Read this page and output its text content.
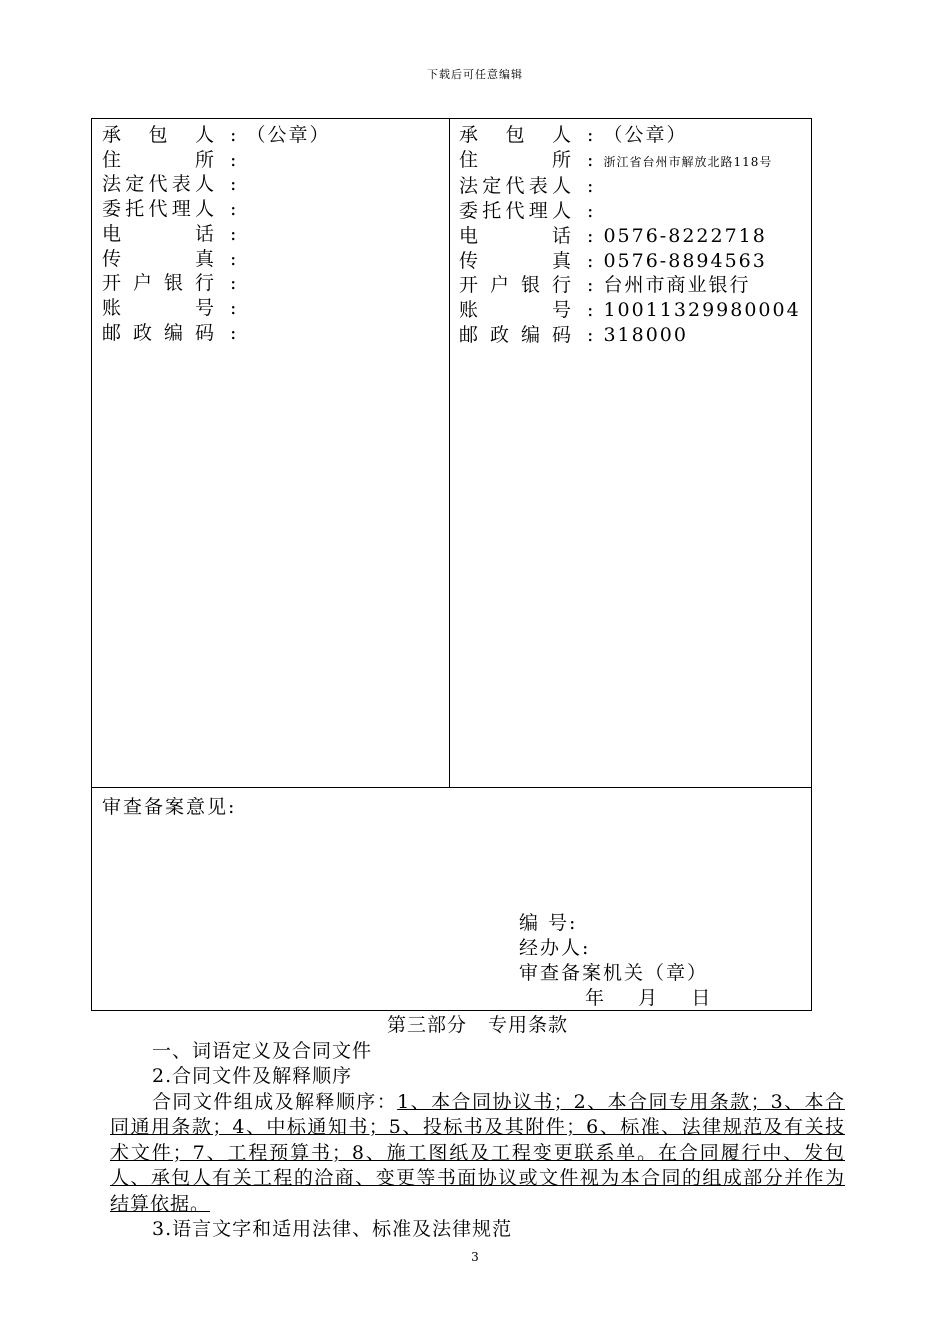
下载后可任意编辑
承 包 人 : （公章）
住 所 :
法定代表人 :
委托代理人 :
电 话 :
传 真 :
开户银行 :
账 号 :
邮政编码 :
承 包 人 : （公章）
住 所 : 浙江省台州市解放北路118号
法定代表人 :
委托代理人 :
电 话 : 0576-8222718
传 真 : 0576-8894563
开户银行 : 台州市商业银行
账 号 : 10011329980004
邮政编码 : 318000
审查备案意见:
编 号:
经办人:
审查备案机关（章）
年    月    日
第三部分   专用条款
一、词语定义及合同文件
2.合同文件及解释顺序
合同文件组成及解释顺序：1、本合同协议书；2、本合同专用条款；3、本合同通用条款；4、中标通知书；5、投标书及其附件；6、标准、法律规范及有关技术文件；7、工程预算书；8、施工图纸及工程变更联系单。在合同履行中、发包人、承包人有关工程的洽商、变更等书面协议或文件视为本合同的组成部分并作为结算依据。
3.语言文字和适用法律、标准及法律规范
3
